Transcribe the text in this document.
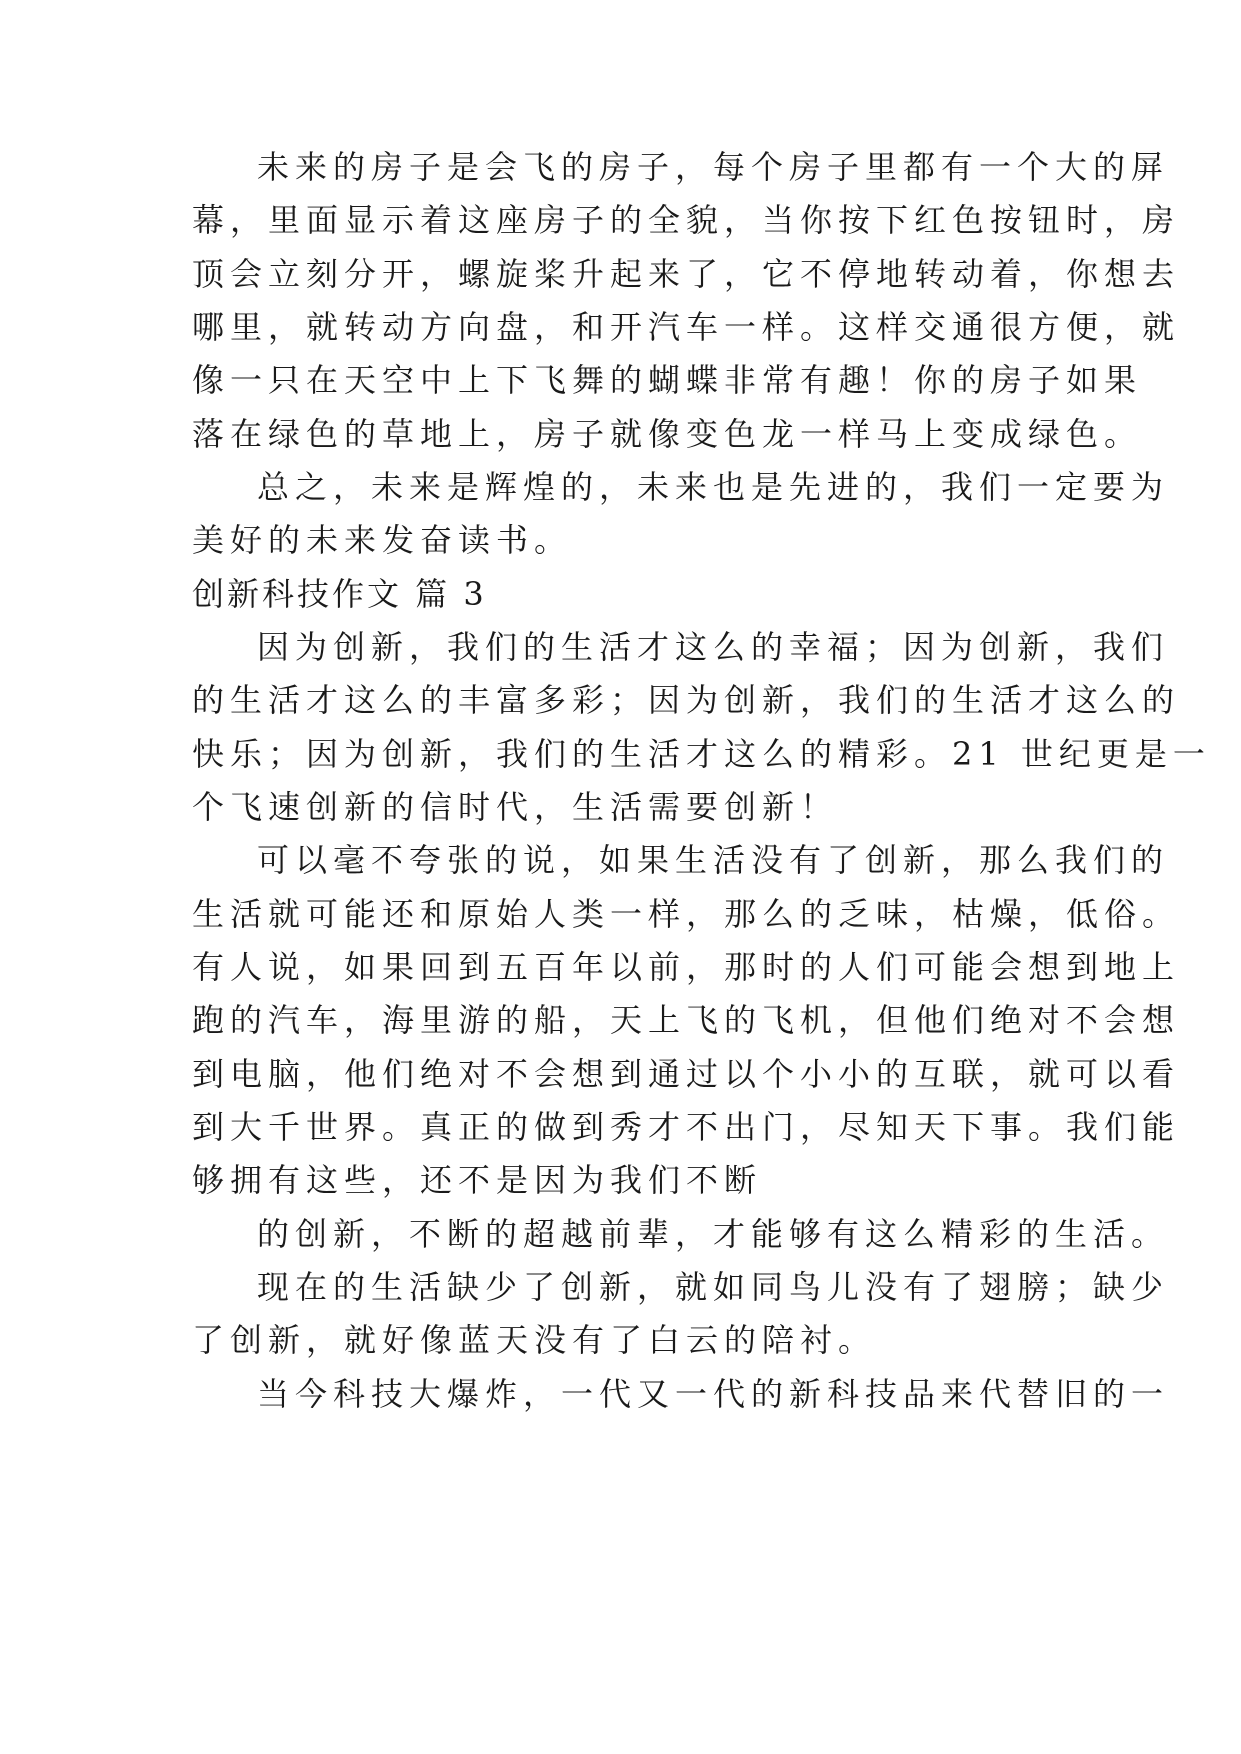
未来的房子是会飞的房子，每个房子里都有一个大的屏
幕，里面显示着这座房子的全貌，当你按下红色按钮时，房
顶会立刻分开，螺旋桨升起来了，它不停地转动着，你想去
哪里，就转动方向盘，和开汽车一样。这样交通很方便，就
像一只在天空中上下飞舞的蝴蝶非常有趣！你的房子如果
落在绿色的草地上，房子就像变色龙一样马上变成绿色。
总之，未来是辉煌的，未来也是先进的，我们一定要为
美好的未来发奋读书。
创新科技作文 篇 3
因为创新，我们的生活才这么的幸福；因为创新，我们
的生活才这么的丰富多彩；因为创新，我们的生活才这么的
快乐；因为创新，我们的生活才这么的精彩。21 世纪更是一
个飞速创新的信时代，生活需要创新！
可以毫不夸张的说，如果生活没有了创新，那么我们的
生活就可能还和原始人类一样，那么的乏味，枯燥，低俗。
有人说，如果回到五百年以前，那时的人们可能会想到地上
跑的汽车，海里游的船，天上飞的飞机，但他们绝对不会想
到电脑，他们绝对不会想到通过以个小小的互联，就可以看
到大千世界。真正的做到秀才不出门，尽知天下事。我们能
够拥有这些，还不是因为我们不断
的创新，不断的超越前辈，才能够有这么精彩的生活。
现在的生活缺少了创新，就如同鸟儿没有了翅膀；缺少
了创新，就好像蓝天没有了白云的陪衬。
当今科技大爆炸，一代又一代的新科技品来代替旧的一
